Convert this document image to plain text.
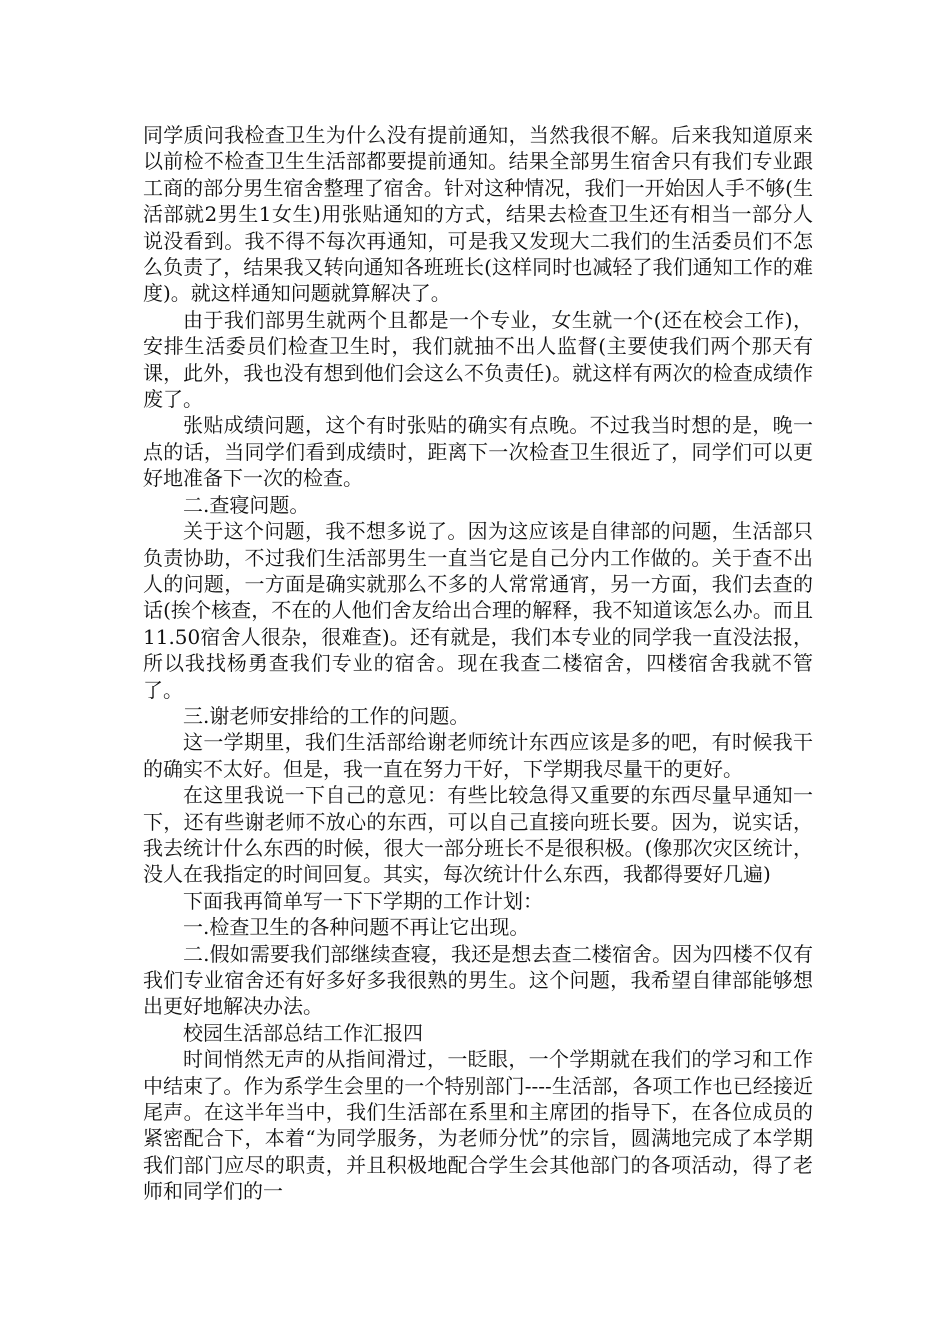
同学质问我检查卫生为什么没有提前通知，当然我很不解。后来我知道原来以前检不检查卫生生活部都要提前通知。结果全部男生宿舍只有我们专业跟工商的部分男生宿舍整理了宿舍。针对这种情况，我们一开始因人手不够(生活部就2男生1女生)用张贴通知的方式，结果去检查卫生还有相当一部分人说没看到。我不得不每次再通知，可是我又发现大二我们的生活委员们不怎么负责了，结果我又转向通知各班班长(这样同时也减轻了我们通知工作的难度)。就这样通知问题就算解决了。

由于我们部男生就两个且都是一个专业，女生就一个(还在校会工作)，安排生活委员们检查卫生时，我们就抽不出人监督(主要使我们两个那天有课，此外，我也没有想到他们会这么不负责任)。就这样有两次的检查成绩作废了。

张贴成绩问题，这个有时张贴的确实有点晚。不过我当时想的是，晚一点的话，当同学们看到成绩时，距离下一次检查卫生很近了，同学们可以更好地准备下一次的检查。

二.查寝问题。

关于这个问题，我不想多说了。因为这应该是自律部的问题，生活部只负责协助，不过我们生活部男生一直当它是自己分内工作做的。关于查不出人的问题，一方面是确实就那么不多的人常常通宵，另一方面，我们去查的话(挨个核查，不在的人他们舍友给出合理的解释，我不知道该怎么办。而且11.50宿舍人很杂，很难查)。还有就是，我们本专业的同学我一直没法报，所以我找杨勇查我们专业的宿舍。现在我查二楼宿舍，四楼宿舍我就不管了。

三.谢老师安排给的工作的问题。

这一学期里，我们生活部给谢老师统计东西应该是多的吧，有时候我干的确实不太好。但是，我一直在努力干好，下学期我尽量干的更好。

在这里我说一下自己的意见：有些比较急得又重要的东西尽量早通知一下，还有些谢老师不放心的东西，可以自己直接向班长要。因为，说实话，我去统计什么东西的时候，很大一部分班长不是很积极。(像那次灾区统计，没人在我指定的时间回复。其实，每次统计什么东西，我都得要好几遍)

下面我再简单写一下下学期的工作计划：

一.检查卫生的各种问题不再让它出现。

二.假如需要我们部继续查寝，我还是想去查二楼宿舍。因为四楼不仅有我们专业宿舍还有好多好多我很熟的男生。这个问题，我希望自律部能够想出更好地解决办法。

校园生活部总结工作汇报四

时间悄然无声的从指间滑过，一眨眼，一个学期就在我们的学习和工作中结束了。作为系学生会里的一个特别部门----生活部，各项工作也已经接近尾声。在这半年当中，我们生活部在系里和主席团的指导下，在各位成员的紧密配合下，本着“为同学服务，为老师分忧”的宗旨，圆满地完成了本学期我们部门应尽的职责，并且积极地配合学生会其他部门的各项活动，得了老师和同学们的一
